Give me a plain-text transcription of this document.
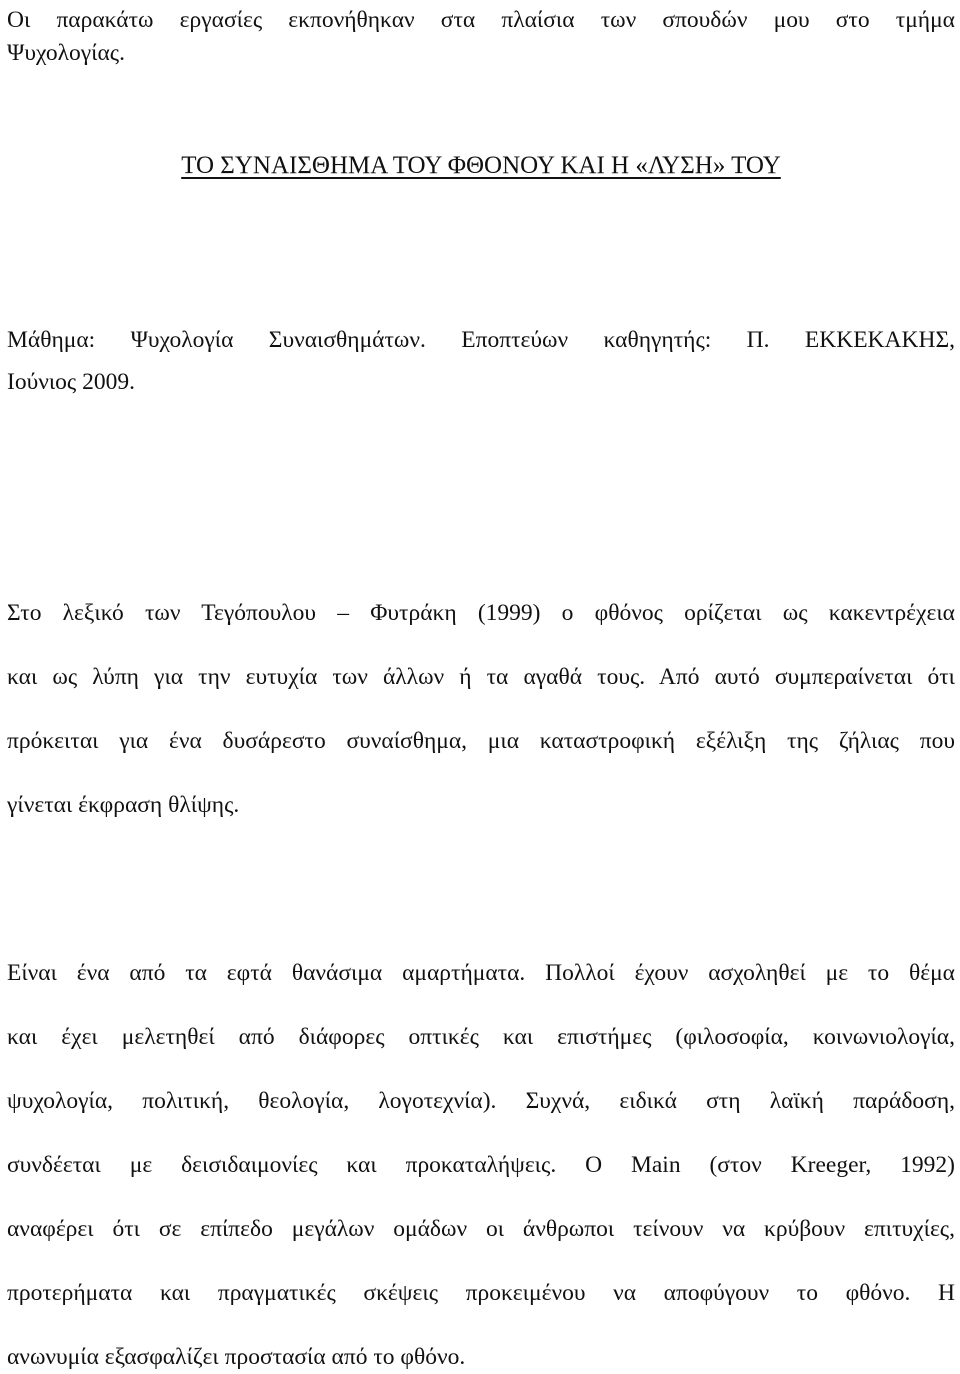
Οι παρακάτω εργασίες εκπονήθηκαν στα πλαίσια των σπουδών μου στο τμήμα
Ψυχολογίας.
ΤΟ ΣΥΝΑΙΣΘΗΜΑ ΤΟΥ ΦΘΟΝΟΥ ΚΑΙ Η «ΛΥΣΗ» ΤΟΥ
Μάθημα: Ψυχολογία Συναισθημάτων. Εποπτεύων καθηγητής: Π. ΕΚΚΕΚΑΚΗΣ,
Ιούνιος 2009.
Στο λεξικό των Τεγόπουλου – Φυτράκη (1999) ο φθόνος ορίζεται ως κακεντρέχεια
και ως λύπη για την ευτυχία των άλλων ή τα αγαθά τους. Από αυτό συμπεραίνεται ότι
πρόκειται για ένα δυσάρεστο συναίσθημα, μια καταστροφική εξέλιξη της ζήλιας που
γίνεται έκφραση θλίψης.
Είναι ένα από τα εφτά θανάσιμα αμαρτήματα. Πολλοί έχουν ασχοληθεί με το θέμα
και έχει μελετηθεί από διάφορες οπτικές και επιστήμες (φιλοσοφία, κοινωνιολογία,
ψυχολογία, πολιτική, θεολογία, λογοτεχνία). Συχνά, ειδικά στη λαϊκή παράδοση,
συνδέεται με δεισιδαιμονίες και προκαταλήψεις. Ο Main (στον Kreeger, 1992)
αναφέρει ότι σε επίπεδο μεγάλων ομάδων οι άνθρωποι τείνουν να κρύβουν επιτυχίες,
προτερήματα και πραγματικές σκέψεις προκειμένου να αποφύγουν το φθόνο. Η
ανωνυμία εξασφαλίζει προστασία από το φθόνο.
